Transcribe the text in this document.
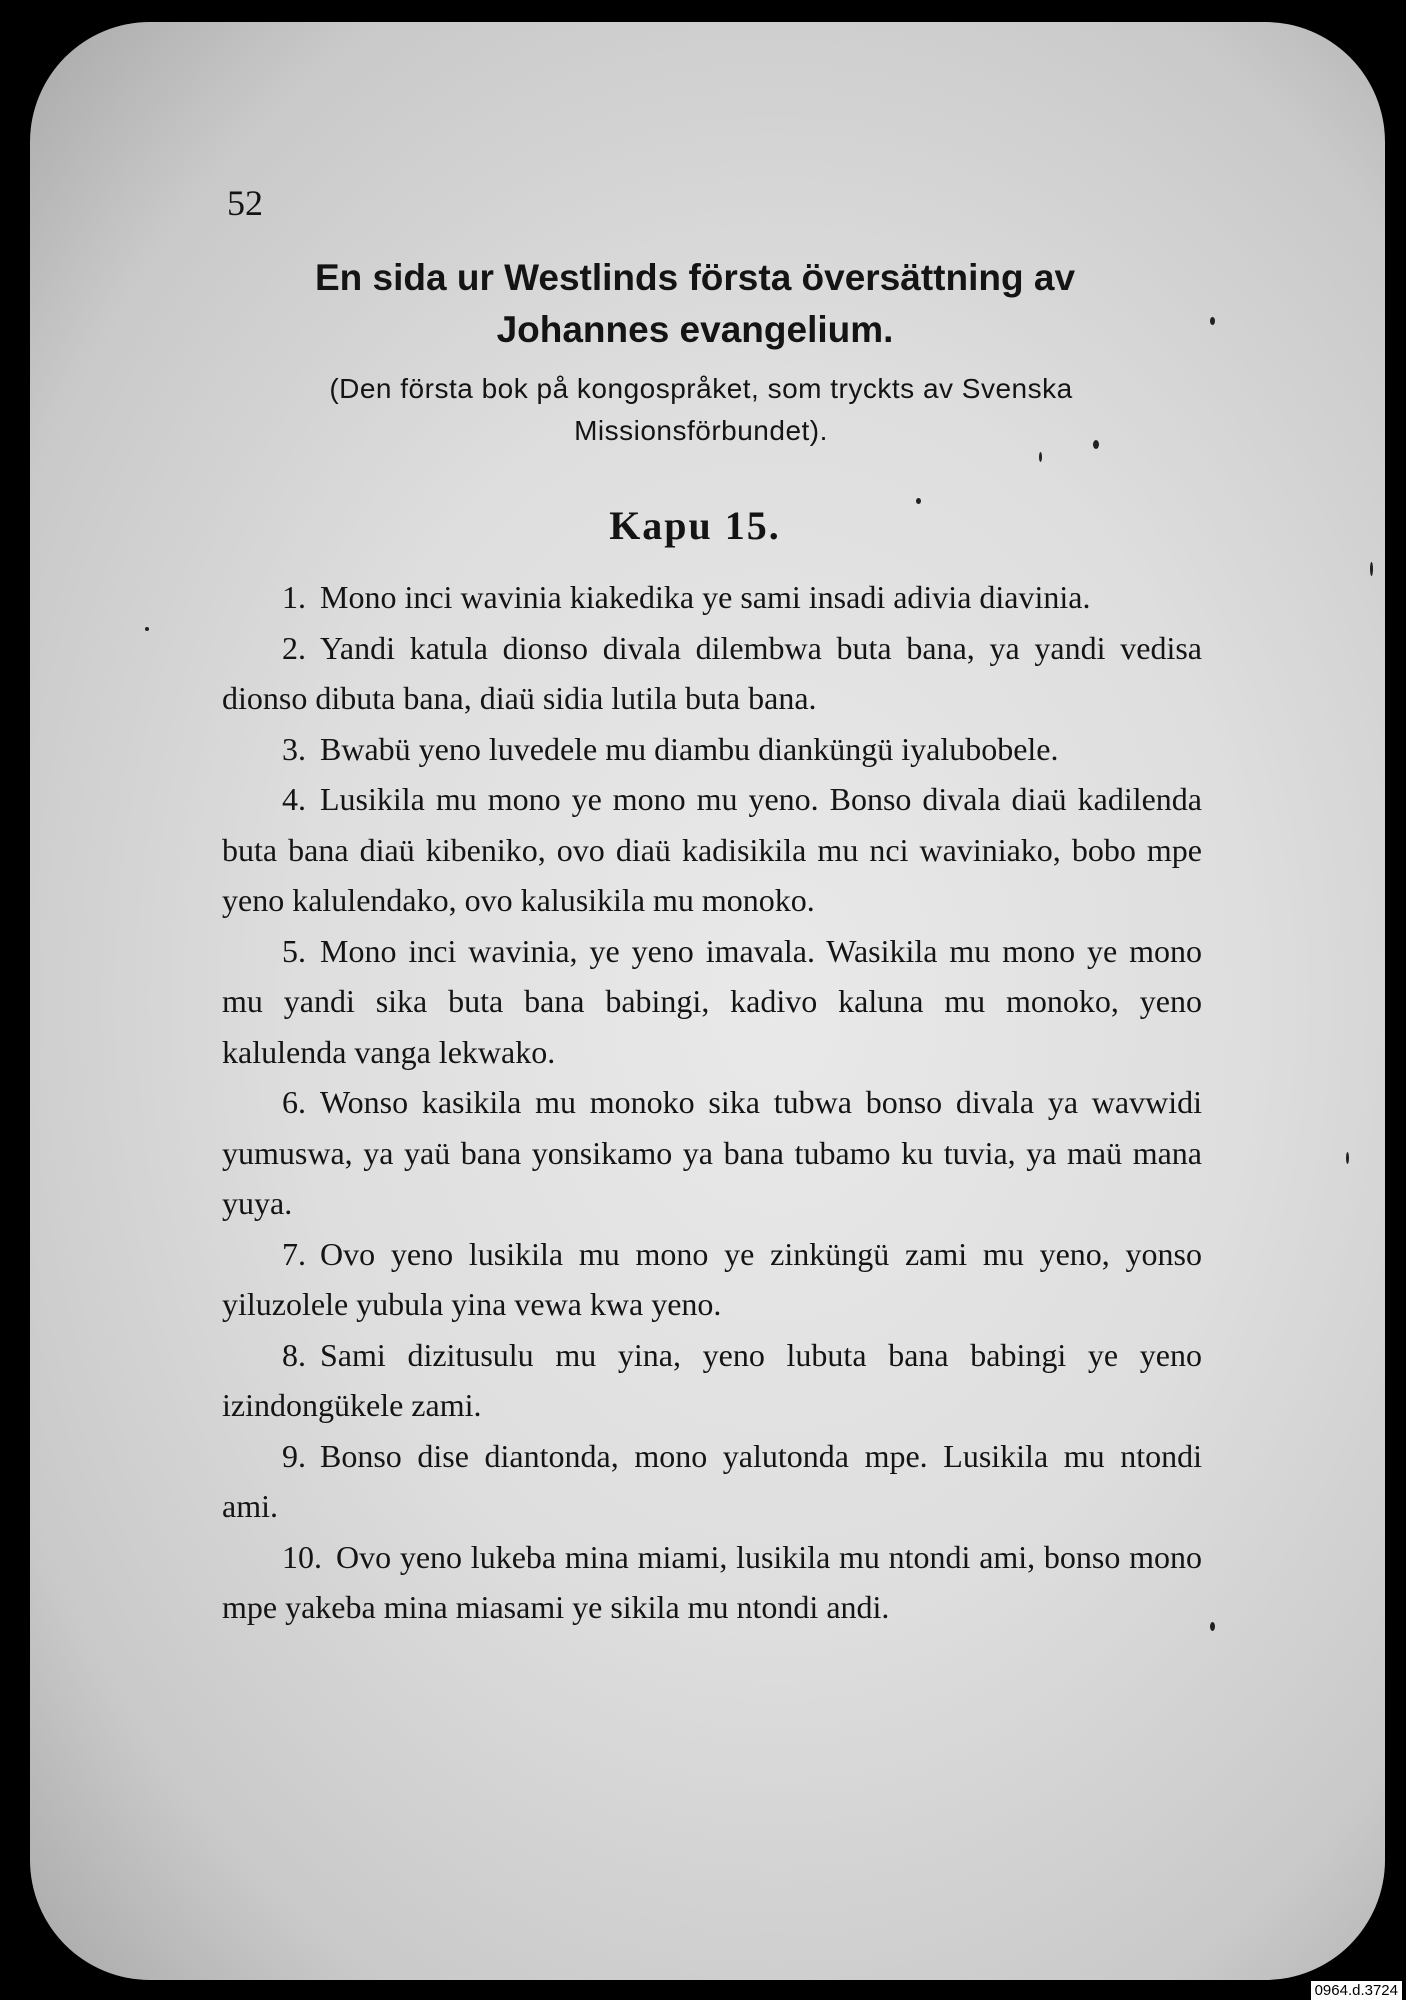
52
En sida ur Westlinds första översättning av
Johannes evangelium.
(Den första bok på kongospråket, som tryckts av Svenska
Missionsförbundet).
Kapu 15.

1. Mono inci wavinia kiakedika ye sami insadi adivia diavinia.

2. Yandi katula dionso divala dilembwa buta bana, ya yandi vedisa dionso dibuta bana, diaü sidia lutila buta bana.

3. Bwabü yeno luvedele mu diambu dianküngü iyalubobele.

4. Lusikila mu mono ye mono mu yeno. Bonso divala diaü kadilenda buta bana diaü kibeniko, ovo diaü kadisikila mu nci waviniako, bobo mpe yeno kalulendako, ovo kalusikila mu monoko.

5. Mono inci wavinia, ye yeno imavala. Wasikila mu mono ye mono mu yandi sika buta bana babingi, kadivo kaluna mu monoko, yeno kalulenda vanga lekwako.

6. Wonso kasikila mu monoko sika tubwa bonso divala ya wavwidi yumuswa, ya yaü bana yonsikamo ya bana tubamo ku tuvia, ya maü mana yuya.

7. Ovo yeno lusikila mu mono ye zinküngü zami mu yeno, yonso yiluzolele yubula yina vewa kwa yeno.

8. Sami dizitusulu mu yina, yeno lubuta bana babingi ye yeno izindongükele zami.

9. Bonso dise diantonda, mono yalutonda mpe. Lusikila mu ntondi ami.

10. Ovo yeno lukeba mina miami, lusikila mu ntondi ami, bonso mono mpe yakeba mina miasami ye sikila mu ntondi andi.

0964.d.3724
